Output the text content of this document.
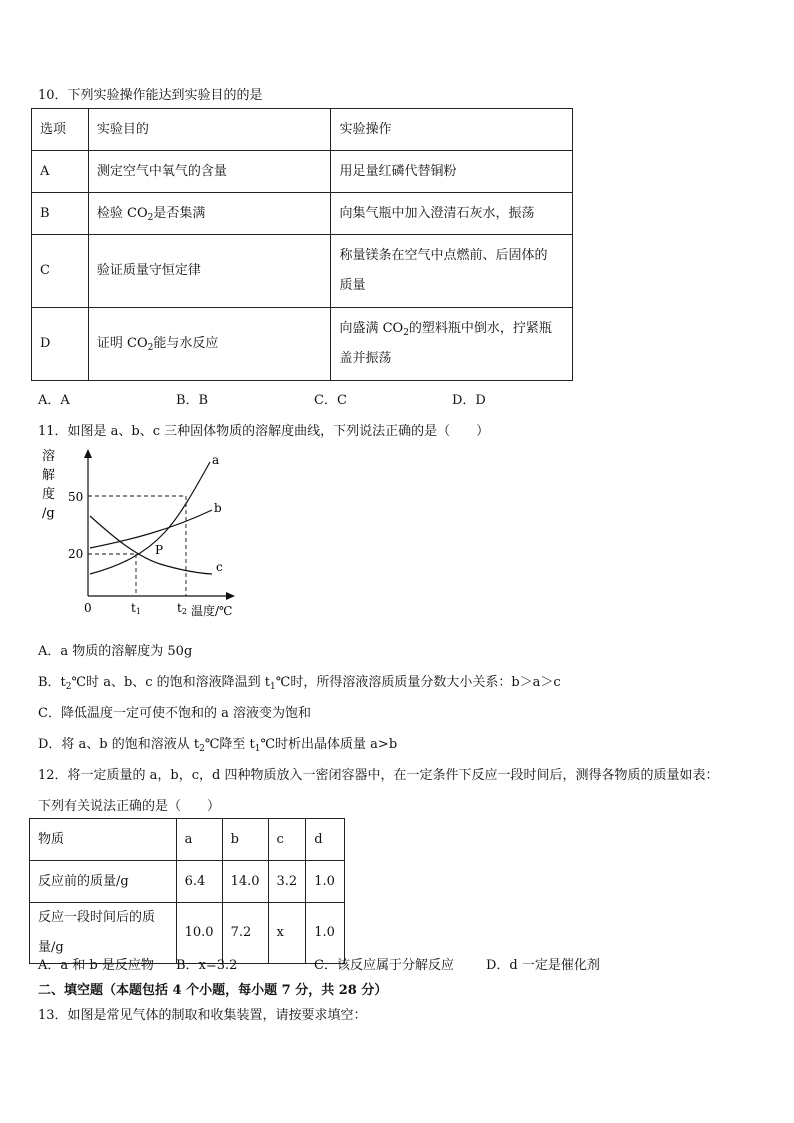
10．下列实验操作能达到实验目的的是
选项	实验目的	实验操作
A	测定空气中氧气的含量	用足量红磷代替铜粉
B	检验 $CO_2$是否集满	向集气瓶中加入澄清石灰水，振荡
C	验证质量守恒定律	称量镁条在空气中点燃前、后固体的
质量

D	证明 $CO_2$能与水反应	向盛满 $CO_2$的塑料瓶中倒水，拧紧瓶
盖并振荡
A．A	B．B	C．C	D．D
11．如图是 a、b、c 三种固体物质的溶解度曲线，下列说法正确的是（　　）
溶
解
度
/g
50
20
0	t1	t2 温度/℃
a
b
c
P
A．a 物质的溶解度为 50g
B．$t_2℃$时 a、b、c 的饱和溶液降温到 $t_1℃$时，所得溶液溶质质量分数大小关系：b＞a＞c
C．降低温度一定可使不饱和的 a 溶液变为饱和
D．将 a、b 的饱和溶液从 $t_2℃$降至 $t_1℃$时析出晶体质量 a>b
12．将一定质量的 a，b，c，d 四种物质放入一密闭容器中，在一定条件下反应一段时间后，测得各物质的质量如表：
下列有关说法正确的是（　　）
物质	a	b	c	d
反应前的质量/g	6.4	14.0	3.2	1.0
反应一段时间后的质量/g	10.0	7.2	x	1.0
A．a 和 b 是反应物 B．x=3.2	C．该反应属于分解反应 D．d 一定是催化剂
二、填空题（本题包括 4 个小题，每小题 7 分，共 28 分）
13．如图是常见气体的制取和收集装置，请按要求填空：
